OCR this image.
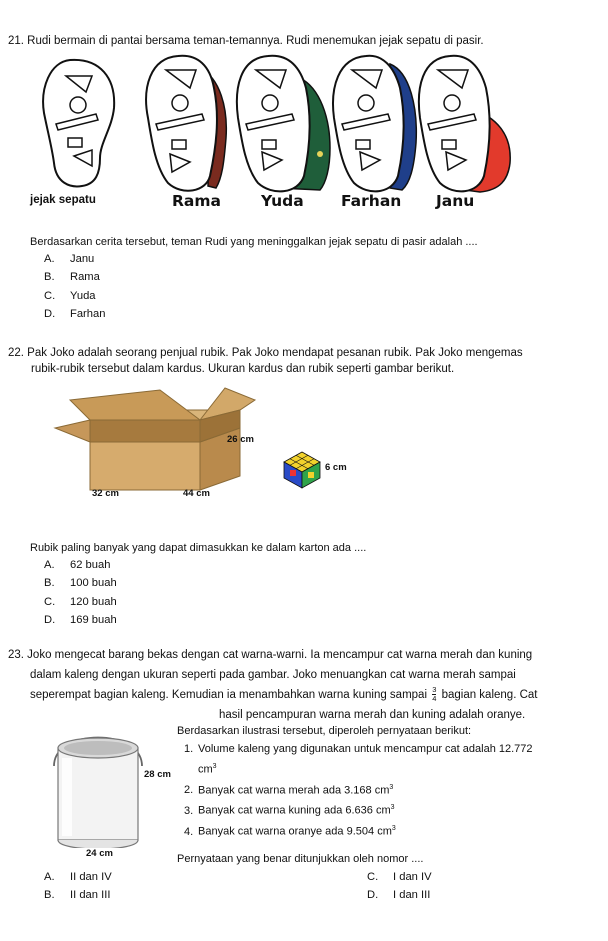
21. Rudi bermain di pantai bersama teman-temannya. Rudi menemukan jejak sepatu di pasir.
jejak sepatu	Rama	Yuda Farhan Janu
Berdasarkan cerita tersebut, teman Rudi yang meninggalkan jejak sepatu di pasir adalah ....
A. Janu
B. Rama
C. Yuda
D. Farhan
22. Pak Joko adalah seorang penjual rubik. Pak Joko mendapat pesanan rubik. Pak Joko mengemas
rubik-rubik tersebut dalam kardus. Ukuran kardus dan rubik seperti gambar berikut.
26 cm
32 cm	44 cm
6 cm
Rubik paling banyak yang dapat dimasukkan ke dalam karton ada ....
A. 62 buah
B. 100 buah
C. 120 buah
D. 169 buah
23. Joko mengecat barang bekas dengan cat warna-warni. Ia mencampur cat warna merah dan kuning
dalam kaleng dengan ukuran seperti pada gambar. Joko menuangkan cat warna merah sampai
seperempat bagian kaleng. Kemudian ia menambahkan warna kuning sampai $\frac{3}{4}$ bagian kaleng. Cat
hasil pencampuran warna merah dan kuning adalah oranye.
Berdasarkan ilustrasi tersebut, diperoleh pernyataan berikut:
28 cm
24 cm
1. Volume kaleng yang digunakan untuk mencampur cat adalah 12.772
$cm^3$
2. Banyak cat warna merah ada 3.168 $cm^3$
3. Banyak cat warna kuning ada 6.636 $cm^3$
4. Banyak cat warna oranye ada 9.504 $cm^3$
Pernyataan yang benar ditunjukkan oleh nomor ....
A. II dan IV
B. II dan III
C. I dan IV
D. I dan III
